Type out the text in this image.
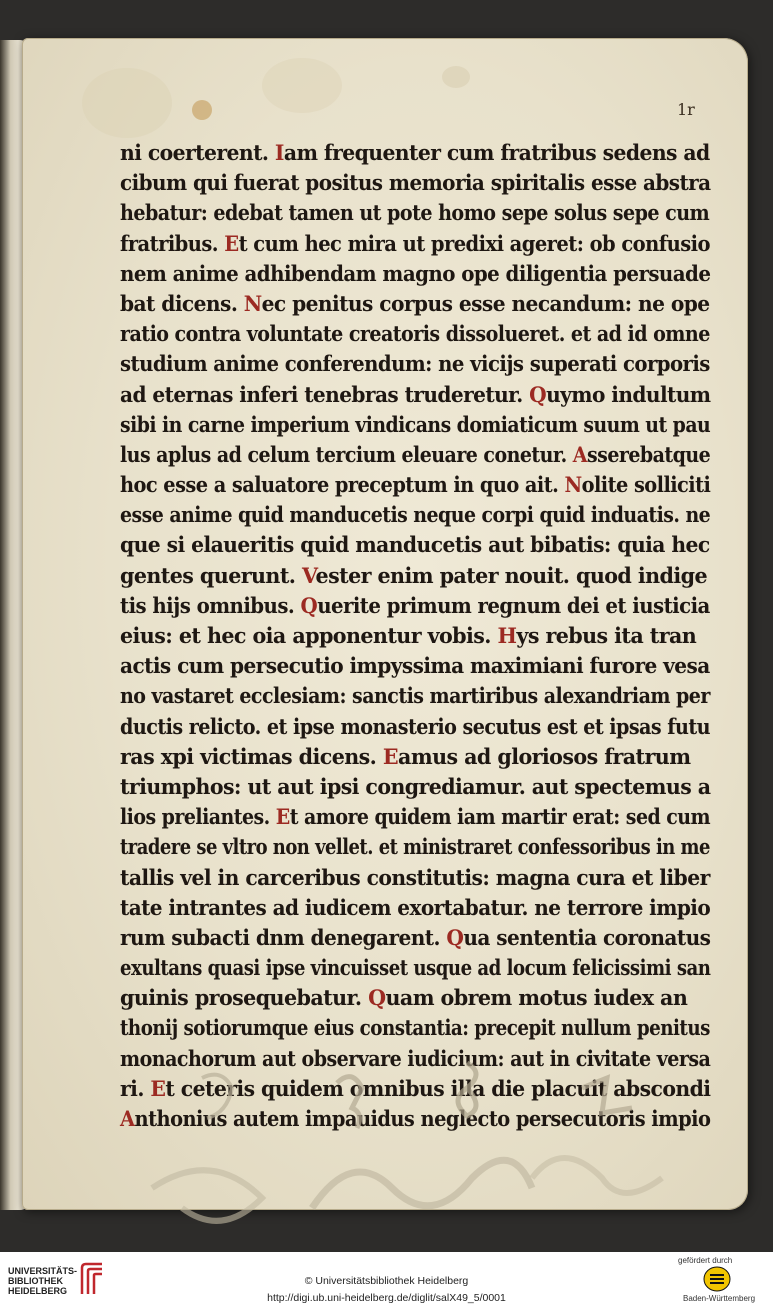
1r
ni coerterent. Iam frequenter cum fratribus sedens ad
cibum qui fuerat positus memoria spiritalis esse abstra
hebatur: edebat tamen ut pote homo sepe solus sepe cum
fratribus. Et cum hec mira ut predixi ageret: ob confusio
nem anime adhibendam magno ope diligentia persuade
bat dicens. Nec penitus corpus esse necandum: ne ope
ratio contra voluntate creatoris dissolueret. et ad id omne
studium anime conferendum: ne vicijs superati corporis
ad eternas inferi tenebras truderetur. Quymo indultum
sibi in carne imperium vindicans domiaticum suum ut pau
lus aplus ad celum tercium eleuare conetur. Asserebatque
hoc esse a saluatore preceptum in quo ait. Nolite solliciti
esse anime quid manducetis neque corpi quid induatis. ne
que si elaueritis quid manducetis aut bibatis: quia hec
gentes querunt. Vester enim pater nouit. quod indige
tis hijs omnibus. Querite primum regnum dei et iusticia
eius: et hec oia apponentur vobis. Hys rebus ita tran
actis cum persecutio impyssima maximiani furore vesa
no vastaret ecclesiam: sanctis martiribus alexandriam per
ductis relicto. et ipse monasterio secutus est et ipsas futu
ras xpi victimas dicens. Eamus ad gloriosos fratrum
triumphos: ut aut ipsi congrediamur. aut spectemus a
lios preliantes. Et amore quidem iam martir erat: sed cum
tradere se vltro non vellet. et ministraret confessoribus in me
tallis vel in carceribus constitutis: magna cura et liber
tate intrantes ad iudicem exortabatur. ne terrore impio
rum subacti dnm denegarent. Qua sententia coronatus
exultans quasi ipse vincuisset usque ad locum felicissimi san
guinis prosequebatur. Quam obrem motus iudex an
thonij sotiorumque eius constantia: precepit nullum penitus
monachorum aut observare iudicium: aut in civitate versa
ri. Et ceteris quidem omnibus illa die placuit abscondi
Anthonius autem impauidus neglecto persecutoris impio
UNIVERSITÄTS-
BIBLIOTHEK
HEIDELBERG
© Universitätsbibliothek Heidelberg
http://digi.ub.uni-heidelberg.de/diglit/salX49_5/0001
gefördert durch
Baden-Württemberg
